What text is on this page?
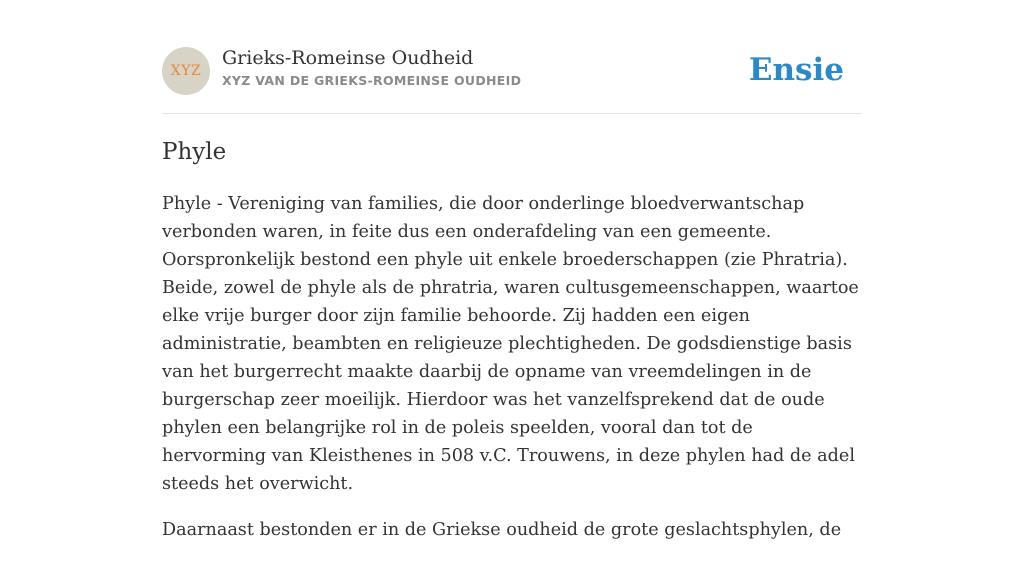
XYZ
Grieks-Romeinse Oudheid
XYZ VAN DE GRIEKS-ROMEINSE OUDHEID	Ensie
Phyle

Phyle - Vereniging van families, die door onderlinge bloedverwantschap verbonden waren, in feite dus een onderafdeling van een gemeente. Oorspronkelijk bestond een phyle uit enkele broederschappen (zie Phratria). Beide, zowel de phyle als de phratria, waren cultusgemeenschappen, waartoe elke vrije burger door zijn familie behoorde. Zij hadden een eigen administratie, beambten en religieuze plechtigheden. De godsdienstige basis van het burgerrecht maakte daarbij de opname van vreemdelingen in de burgerschap zeer moeilijk. Hierdoor was het vanzelfsprekend dat de oude phylen een belangrijke rol in de poleis speelden, vooral dan tot de hervorming van Kleisthenes in 508 v.C. Trouwens, in deze phylen had de adel steeds het overwicht.

Daarnaast bestonden er in de Griekse oudheid de grote geslachtsphylen, de
